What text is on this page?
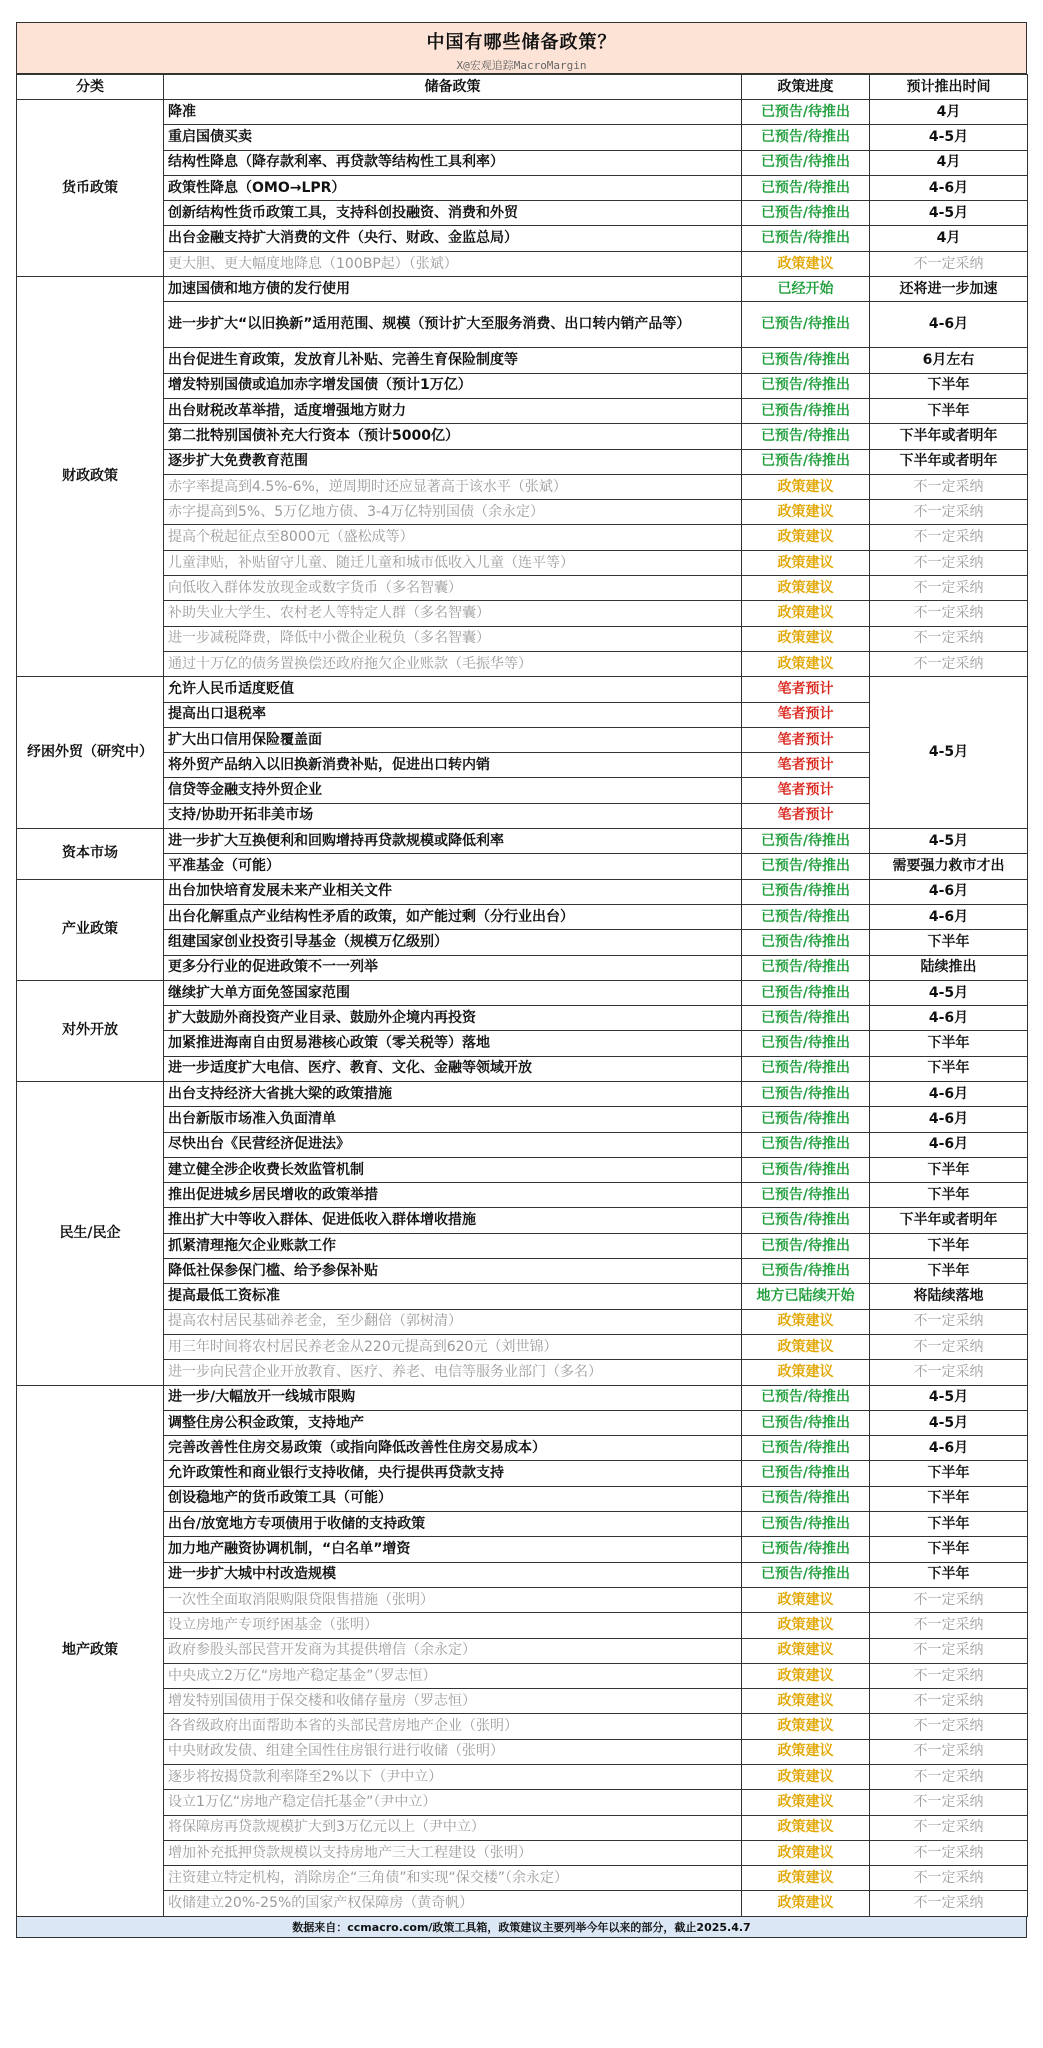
中国有哪些储备政策？
X@宏观追踪MacroMargin
分类	储备政策	政策进度	预计推出时间
货币政策	降准	已预告/待推出	4月
	重启国债买卖	已预告/待推出	4-5月
	结构性降息（降存款利率、再贷款等结构性工具利率）	已预告/待推出	4月
	政策性降息（OMO→LPR）	已预告/待推出	4-6月
	创新结构性货币政策工具，支持科创投融资、消费和外贸	已预告/待推出	4-5月
	出台金融支持扩大消费的文件（央行、财政、金监总局）	已预告/待推出	4月
	更大胆、更大幅度地降息（100BP起）（张斌）	政策建议	不一定采纳
财政政策	加速国债和地方债的发行使用	已经开始	还将进一步加速
	进一步扩大“以旧换新”适用范围、规模（预计扩大至服务消费、出口转内销产品等）	已预告/待推出	4-6月
	出台促进生育政策，发放育儿补贴、完善生育保险制度等	已预告/待推出	6月左右
	增发特别国债或追加赤字增发国债（预计1万亿）	已预告/待推出	下半年
	出台财税改革举措，适度增强地方财力	已预告/待推出	下半年
	第二批特别国债补充大行资本（预计5000亿）	已预告/待推出	下半年或者明年
	逐步扩大免费教育范围	已预告/待推出	下半年或者明年
	赤字率提高到4.5%-6%，逆周期时还应显著高于该水平（张斌）	政策建议	不一定采纳
	赤字提高到5%、5万亿地方债、3-4万亿特别国债（余永定）	政策建议	不一定采纳
	提高个税起征点至8000元（盛松成等）	政策建议	不一定采纳
	儿童津贴，补贴留守儿童、随迁儿童和城市低收入儿童（连平等）	政策建议	不一定采纳
	向低收入群体发放现金或数字货币（多名智囊）	政策建议	不一定采纳
	补助失业大学生、农村老人等特定人群（多名智囊）	政策建议	不一定采纳
	进一步减税降费，降低中小微企业税负（多名智囊）	政策建议	不一定采纳
	通过十万亿的债务置换偿还政府拖欠企业账款（毛振华等）	政策建议	不一定采纳
纾困外贸（研究中）	允许人民币适度贬值	笔者预计	4-5月
	提高出口退税率	笔者预计	
	扩大出口信用保险覆盖面	笔者预计	
	将外贸产品纳入以旧换新消费补贴，促进出口转内销	笔者预计	
	信贷等金融支持外贸企业	笔者预计	
	支持/协助开拓非美市场	笔者预计	
资本市场	进一步扩大互换便利和回购增持再贷款规模或降低利率	已预告/待推出	4-5月
	平准基金（可能）	已预告/待推出	需要强力救市才出
产业政策	出台加快培育发展未来产业相关文件	已预告/待推出	4-6月
	出台化解重点产业结构性矛盾的政策，如产能过剩（分行业出台）	已预告/待推出	4-6月
	组建国家创业投资引导基金（规模万亿级别）	已预告/待推出	下半年
	更多分行业的促进政策不一一列举	已预告/待推出	陆续推出
对外开放	继续扩大单方面免签国家范围	已预告/待推出	4-5月
	扩大鼓励外商投资产业目录、鼓励外企境内再投资	已预告/待推出	4-6月
	加紧推进海南自由贸易港核心政策（零关税等）落地	已预告/待推出	下半年
	进一步适度扩大电信、医疗、教育、文化、金融等领域开放	已预告/待推出	下半年
民生/民企	出台支持经济大省挑大梁的政策措施	已预告/待推出	4-6月
	出台新版市场准入负面清单	已预告/待推出	4-6月
	尽快出台《民营经济促进法》	已预告/待推出	4-6月
	建立健全涉企收费长效监管机制	已预告/待推出	下半年
	推出促进城乡居民增收的政策举措	已预告/待推出	下半年
	推出扩大中等收入群体、促进低收入群体增收措施	已预告/待推出	下半年或者明年
	抓紧清理拖欠企业账款工作	已预告/待推出	下半年
	降低社保参保门槛、给予参保补贴	已预告/待推出	下半年
	提高最低工资标准	地方已陆续开始	将陆续落地
	提高农村居民基础养老金，至少翻倍（郭树清）	政策建议	不一定采纳
	用三年时间将农村居民养老金从220元提高到620元（刘世锦）	政策建议	不一定采纳
	进一步向民营企业开放教育、医疗、养老、电信等服务业部门（多名）	政策建议	不一定采纳
地产政策	进一步/大幅放开一线城市限购	已预告/待推出	4-5月
	调整住房公积金政策，支持地产	已预告/待推出	4-5月
	完善改善性住房交易政策（或指向降低改善性住房交易成本）	已预告/待推出	4-6月
	允许政策性和商业银行支持收储，央行提供再贷款支持	已预告/待推出	下半年
	创设稳地产的货币政策工具（可能）	已预告/待推出	下半年
	出台/放宽地方专项债用于收储的支持政策	已预告/待推出	下半年
	加力地产融资协调机制，“白名单”增资	已预告/待推出	下半年
	进一步扩大城中村改造规模	已预告/待推出	下半年
	一次性全面取消限购限贷限售措施（张明）	政策建议	不一定采纳
	设立房地产专项纾困基金（张明）	政策建议	不一定采纳
	政府参股头部民营开发商为其提供增信（余永定）	政策建议	不一定采纳
	中央成立2万亿“房地产稳定基金”（罗志恒）	政策建议	不一定采纳
	增发特别国债用于保交楼和收储存量房（罗志恒）	政策建议	不一定采纳
	各省级政府出面帮助本省的头部民营房地产企业（张明）	政策建议	不一定采纳
	中央财政发债、组建全国性住房银行进行收储（张明）	政策建议	不一定采纳
	逐步将按揭贷款利率降至2%以下（尹中立）	政策建议	不一定采纳
	设立1万亿“房地产稳定信托基金”（尹中立）	政策建议	不一定采纳
	将保障房再贷款规模扩大到3万亿元以上（尹中立）	政策建议	不一定采纳
	增加补充抵押贷款规模以支持房地产三大工程建设（张明）	政策建议	不一定采纳
	注资建立特定机构，消除房企“三角债”和实现“保交楼”（余永定）	政策建议	不一定采纳
	收储建立20%-25%的国家产权保障房（黄奇帆）	政策建议	不一定采纳
数据来自：ccmacro.com/政策工具箱，政策建议主要列举今年以来的部分，截止2025.4.7
